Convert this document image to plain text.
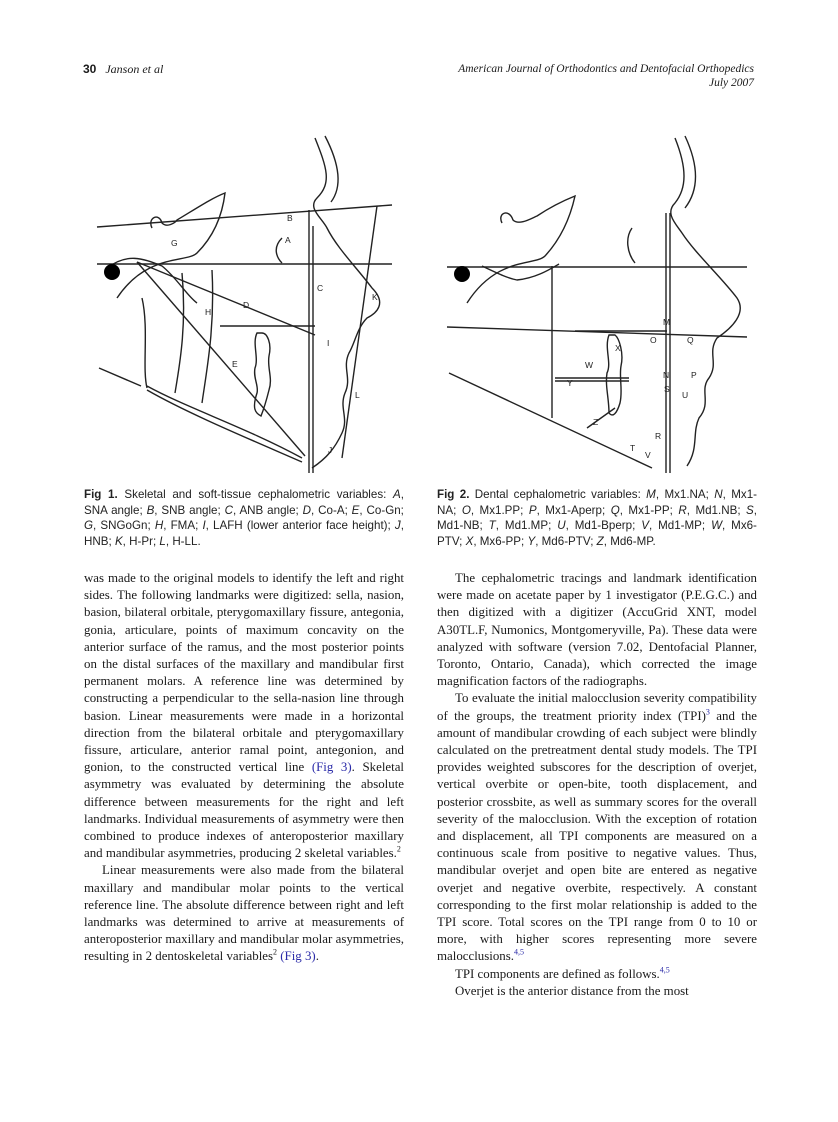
30 Janson et al	American Journal of Orthodontics and Dentofacial Orthopedics
July 2007
B
A
G
C
K
D
H
I
E
L
J
M
O	Q
X
W
N	P
Y
S
U
Z
R
T
V
Fig 1. Skeletal and soft-tissue cephalometric variables: A, SNA angle; B, SNB angle; C, ANB angle; D, Co-A; E, Co-Gn; G, SNGoGn; H, FMA; I, LAFH (lower anterior face height); J, HNB; K, H-Pr; L, H-LL.
Fig 2. Dental cephalometric variables: M, Mx1.NA; N, Mx1-NA; O, Mx1.PP; P, Mx1-Aperp; Q, Mx1-PP; R, Md1.NB; S, Md1-NB; T, Md1.MP; U, Md1-Bperp; V, Md1-MP; W, Mx6-PTV; X, Mx6-PP; Y, Md6-PTV; Z, Md6-MP.

was made to the original models to identify the left and right sides. The following landmarks were digitized: sella, nasion, basion, bilateral orbitale, pterygomaxillary fissure, antegonia, gonia, articulare, points of maximum concavity on the anterior surface of the ramus, and the most posterior points on the distal surfaces of the maxillary and mandibular first permanent molars. A reference line was determined by constructing a perpendicular to the sella-nasion line through basion. Linear measurements were made in a horizontal direction from the bilateral orbitale and pterygomaxillary fissure, articulare, anterior ramal point, antegonion, and gonion, to the constructed vertical line (Fig 3). Skeletal asymmetry was evaluated by determining the absolute difference between measurements for the right and left landmarks. Individual measurements of asymmetry were then combined to produce indexes of anteroposterior maxillary and mandibular asymmetries, producing 2 skeletal variables.$^2$

Linear measurements were also made from the bilateral maxillary and mandibular molar points to the vertical reference line. The absolute difference between right and left landmarks was determined to arrive at measurements of anteroposterior maxillary and mandibular molar asymmetries, resulting in 2 dentoskeletal variables$^2$ (Fig 3).

The cephalometric tracings and landmark identification were made on acetate paper by 1 investigator (P.E.G.C.) and then digitized with a digitizer (AccuGrid XNT, model A30TL.F, Numonics, Montgomeryville, Pa). These data were analyzed with software (version 7.02, Dentofacial Planner, Toronto, Ontario, Canada), which corrected the image magnification factors of the radiographs.

To evaluate the initial malocclusion severity compatibility of the groups, the treatment priority index (TPI)$^3$ and the amount of mandibular crowding of each subject were blindly calculated on the pretreatment dental study models. The TPI provides weighted subscores for the description of overjet, vertical overbite or open-bite, tooth displacement, and posterior crossbite, as well as summary scores for the overall severity of the malocclusion. With the exception of rotation and displacement, all TPI components are measured on a continuous scale from positive to negative values. Thus, mandibular overjet and open bite are entered as negative overjet and negative overbite, respectively. A constant corresponding to the first molar relationship is added to the TPI score. Total scores on the TPI range from 0 to 10 or more, with higher scores representing more severe malocclusions.$^{4,5}$

TPI components are defined as follows.$^{4,5}$

Overjet is the anterior distance from the most
